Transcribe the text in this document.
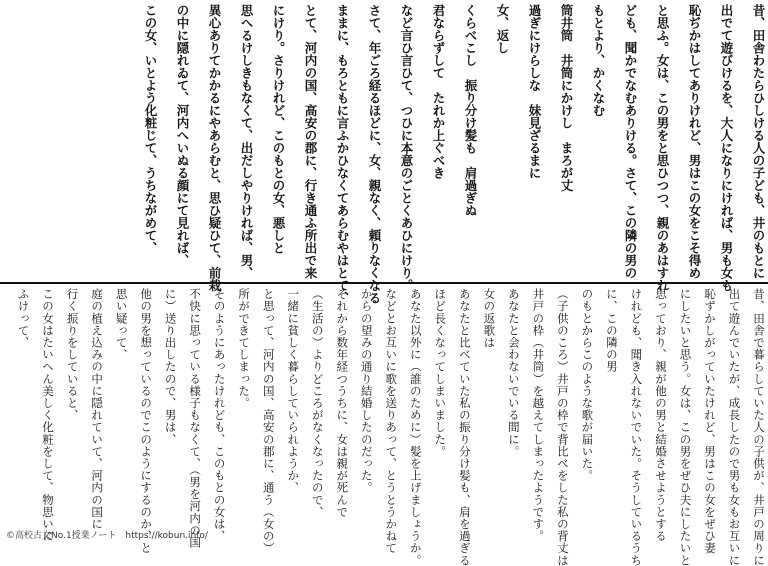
昔、田舎わたらひしける人の子ども、井のもとに
出でて遊びけるを、大人になりにければ、男も女も
恥ぢかはしてありけれど、男はこの女をこそ得め
と思ふ。女は、この男をと思ひつつ、親のあはすれ
ども、聞かでなむありける。さて、この隣の男の
もとより、かくなむ
筒井筒　井筒にかけし　まろが丈
過ぎにけらしな　妹見ざるまに
女、返し
くらべこし　振り分け髪も　肩過ぎぬ
君ならずして　たれか上ぐべき
など言ひ言ひて、つひに本意のごとくあひにけり。
さて、年ごろ経るほどに、女、親なく、頼りなくなる
ままに、もろともに言ふかひなくてあらむやはとて、
とて、河内の国、高安の郡に、行き通ふ所出で来
にけり。さりけれど、このもとの女、悪しと
思へるけしきもなくて、出だしやりければ、男、
異心ありてかかるにやあらむと、思ひ疑ひて、前栽
の中に隠れゐて、河内へいぬる顔にて見れば、
この女、いとよう化粧じて、うちながめて、
昔、田舎で暮らしていた人の子供が、井戸の周りに
出て遊んでいたが、成長したので男も女もお互いに
恥ずかしがっていたけれど、男はこの女をぜひ妻
にしたいと思う。女は、この男をぜひ夫にしたいと
思っており、親が他の男と結婚させようとする
けれども、聞き入れないでいた。そうしているうち
に、この隣の男
のもとからこのような歌が届いた。
（子供のころ）井戸の枠で背比べをした私の背丈は
井戸の枠（井筒）を越えてしまったようです。
あなたと会わないでいる間に。
女の返歌は
あなたと比べていた私の振り分け髪も、肩を過ぎる
ほど長くなってしまいました。
あなた以外に（誰のために）髪を上げましょうか。
などとお互いに歌を送りあって、とうとうかねて
からの望みの通り結婚したのだった。
それから数年経つうちに、女は親が死んで
（生活の）よりどころがなくなったので、
一緒に貧しく暮らしていられようか、
と思って、河内の国、高安の郡に、通う（女の）
所ができてしまった。
そのようにあったけれども、このもとの女は、
不快に思っている様子もなくて、（男を河内の国
に）送り出したので、男は、
他の男を想っているのでこのようにするのか、と
思い疑って、
庭の植え込みの中に隠れていて、河内の国に
行く振りをしていると、
この女はたいへん美しく化粧をして、物思いに
ふけって、
©高校古文No.1授業ノート　https://kobun.info/
